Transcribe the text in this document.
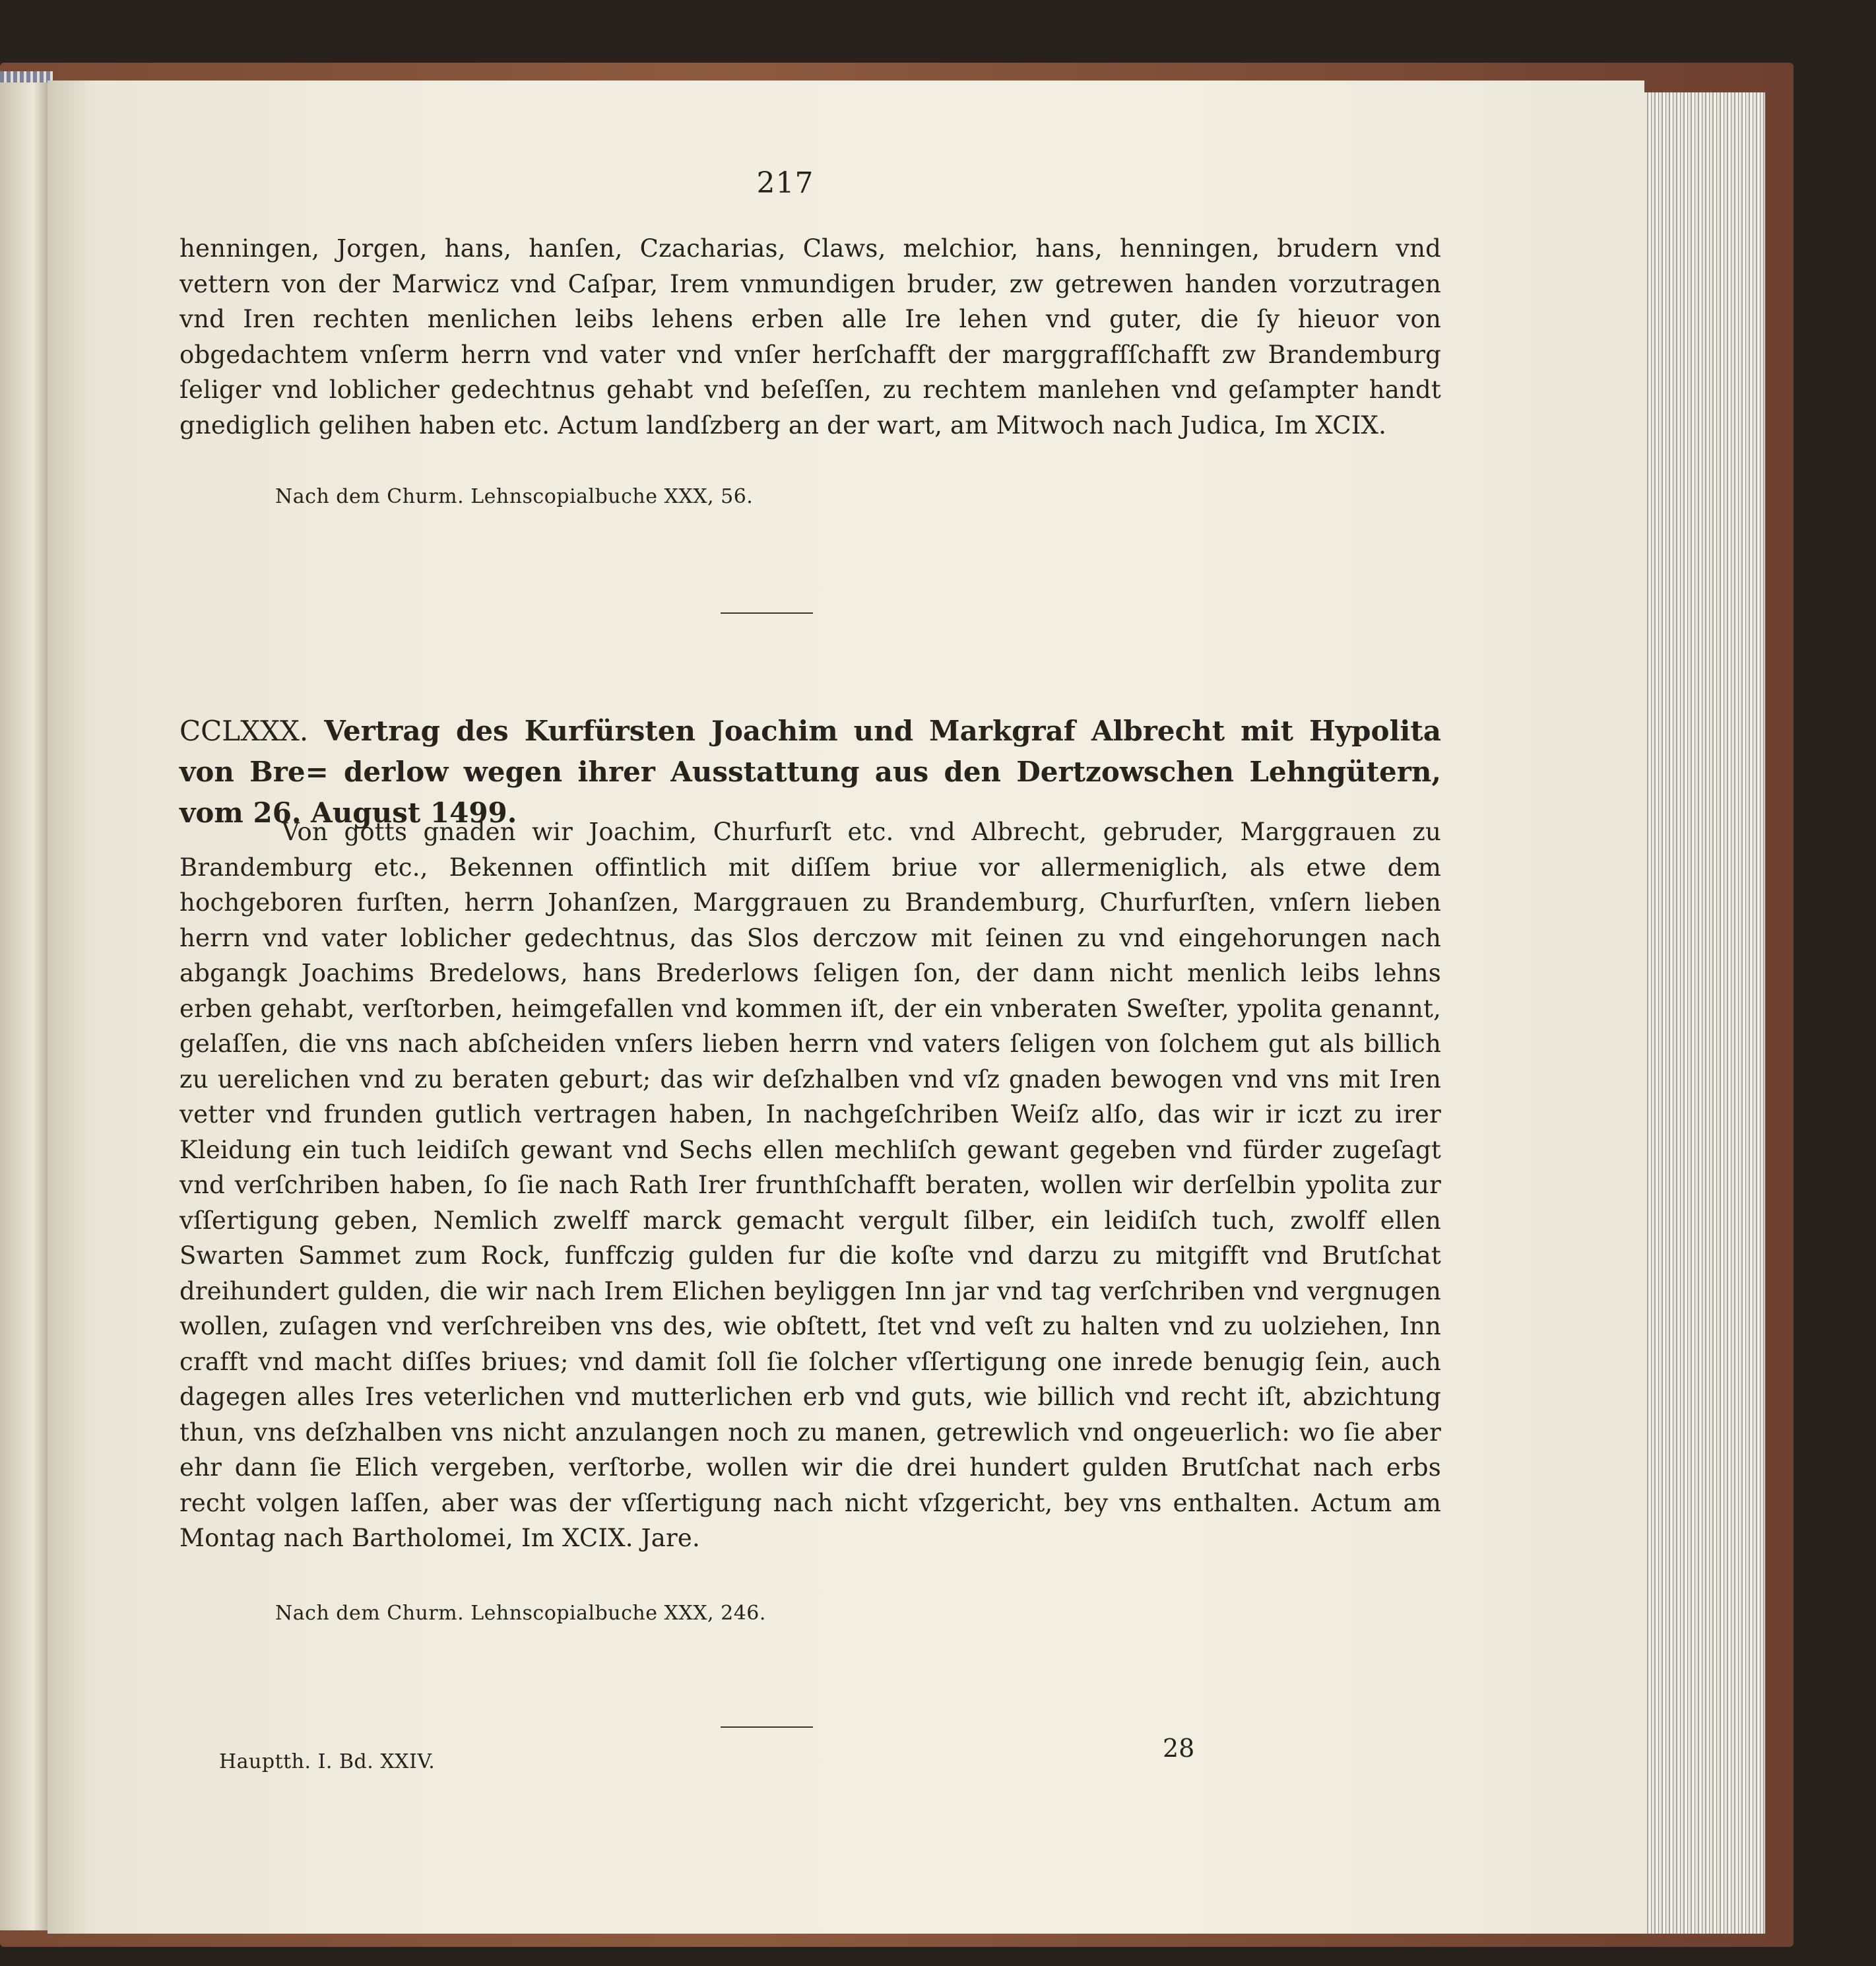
217
henningen, Jorgen, hans, hanſen, Czacharias, Claws, melchior, hans, henningen, brudern vnd vettern von der Marwicz vnd Caſpar, Irem vnmundigen bruder, zw getrewen handen vorzutragen vnd Iren rechten menlichen leibs lehens erben alle Ire lehen vnd guter, die ſy hieuor von obgedachtem vnſerm herrn vnd vater vnd vnſer herſchafft der marggrafſſchafft zw Brandemburg ſeliger vnd loblicher gedechtnus gehabt vnd beſeſſen, zu rechtem manlehen vnd geſampter handt gnediglich gelihen haben etc. Actum landſzberg an der wart, am Mitwoch nach Judica, Im XCIX.
Nach dem Churm. Lehnscopialbuche XXX, 56.
CCLXXX. Vertrag des Kurfürsten Joachim und Markgraf Albrecht mit Hypolita von Bre= derlow wegen ihrer Ausstattung aus den Dertzowschen Lehngütern, vom 26. August 1499.
Von gotts gnaden wir Joachim, Churfurſt etc. vnd Albrecht, gebruder, Marggrauen zu Brandemburg etc., Bekennen offintlich mit diſſem briue vor allermeniglich, als etwe dem hochgeboren furſten, herrn Johanſzen, Marggrauen zu Brandemburg, Churfurſten, vnſern lieben herrn vnd vater loblicher gedechtnus, das Slos derczow mit ſeinen zu vnd eingehorungen nach abgangk Joachims Bredelows, hans Brederlows ſeligen ſon, der dann nicht menlich leibs lehns erben gehabt, verſtorben, heimgefallen vnd kommen iſt, der ein vnberaten Sweſter, ypolita genannt, gelaſſen, die vns nach abſcheiden vnſers lieben herrn vnd vaters ſeligen von ſolchem gut als billich zu uerelichen vnd zu beraten geburt; das wir deſzhalben vnd vſz gnaden bewogen vnd vns mit Iren vetter vnd frunden gutlich vertragen haben, In nachgeſchriben Weiſz alſo, das wir ir iczt zu irer Kleidung ein tuch leidiſch gewant vnd Sechs ellen mechliſch gewant gegeben vnd fürder zugeſagt vnd verſchriben haben, ſo ſie nach Rath Irer frunthſchafft beraten, wollen wir derſelbin ypolita zur vſſertigung geben, Nemlich zwelff marck gemacht vergult ſilber, ein leidiſch tuch, zwolff ellen Swarten Sammet zum Rock, funffczig gulden fur die koſte vnd darzu zu mitgifft vnd Brutſchat dreihundert gulden, die wir nach Irem Elichen beyliggen Inn jar vnd tag verſchriben vnd vergnugen wollen, zuſagen vnd verſchreiben vns des, wie obſtett, ſtet vnd veſt zu halten vnd zu uolziehen, Inn crafft vnd macht diſſes briues; vnd damit ſoll ſie ſolcher vſſertigung one inrede benugig ſein, auch dagegen alles Ires veterlichen vnd mutterlichen erb vnd guts, wie billich vnd recht iſt, abzichtung thun, vns deſzhalben vns nicht anzulangen noch zu manen, getrewlich vnd ongeuerlich: wo ſie aber ehr dann ſie Elich vergeben, verſtorbe, wollen wir die drei hundert gulden Brutſchat nach erbs recht volgen laſſen, aber was der vſſertigung nach nicht vſzgericht, bey vns enthalten. Actum am Montag nach Bartholomei, Im XCIX. Jare.
Nach dem Churm. Lehnscopialbuche XXX, 246.
Hauptth. I. Bd. XXIV.	28
